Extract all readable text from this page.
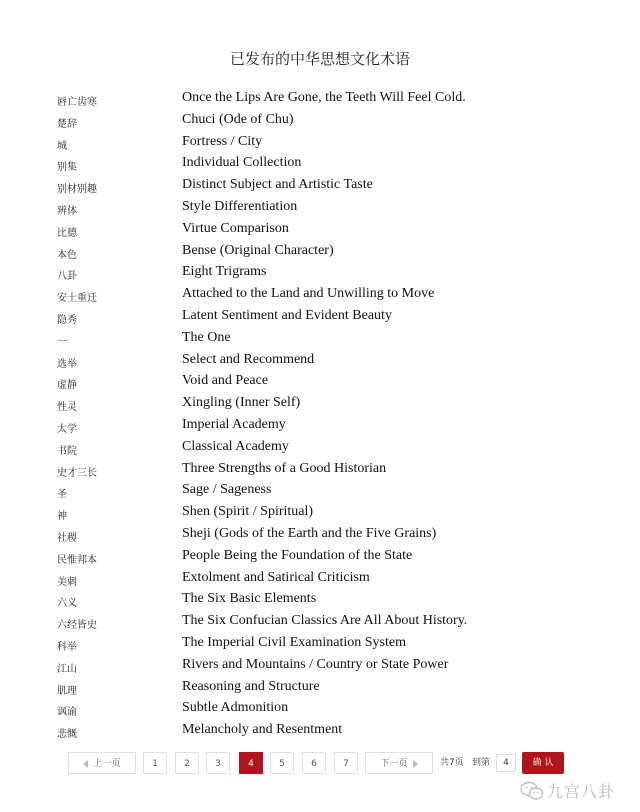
已发布的中华思想文化术语
唇亡齿寒	Once the Lips Are Gone, the Teeth Will Feel Cold.
楚辞	Chuci (Ode of Chu)
城	Fortress / City
别集	Individual Collection
别材别趣	Distinct Subject and Artistic Taste
辨体	Style Differentiation
比德	Virtue Comparison
本色	Bense (Original Character)
八卦	Eight Trigrams
安土重迁	Attached to the Land and Unwilling to Move
隐秀	Latent Sentiment and Evident Beauty
一	The One
选举	Select and Recommend
虚静	Void and Peace
性灵	Xingling (Inner Self)
太学	Imperial Academy
书院	Classical Academy
史才三长	Three Strengths of a Good Historian
圣	Sage / Sageness
神	Shen (Spirit / Spiritual)
社稷	Sheji (Gods of the Earth and the Five Grains)
民惟邦本	People Being the Foundation of the State
美刺	Extolment and Satirical Criticism
六义	The Six Basic Elements
六经皆史	The Six Confucian Classics Are All About History.
科举	The Imperial Civil Examination System
江山	Rivers and Mountains / Country or State Power
肌理	Reasoning and Structure
讽谕	Subtle Admonition
悲慨	Melancholy and Resentment
上一页	1	2	3	4	5	6	7	下一页	共7页 到第	4	确 认
九宫八卦
